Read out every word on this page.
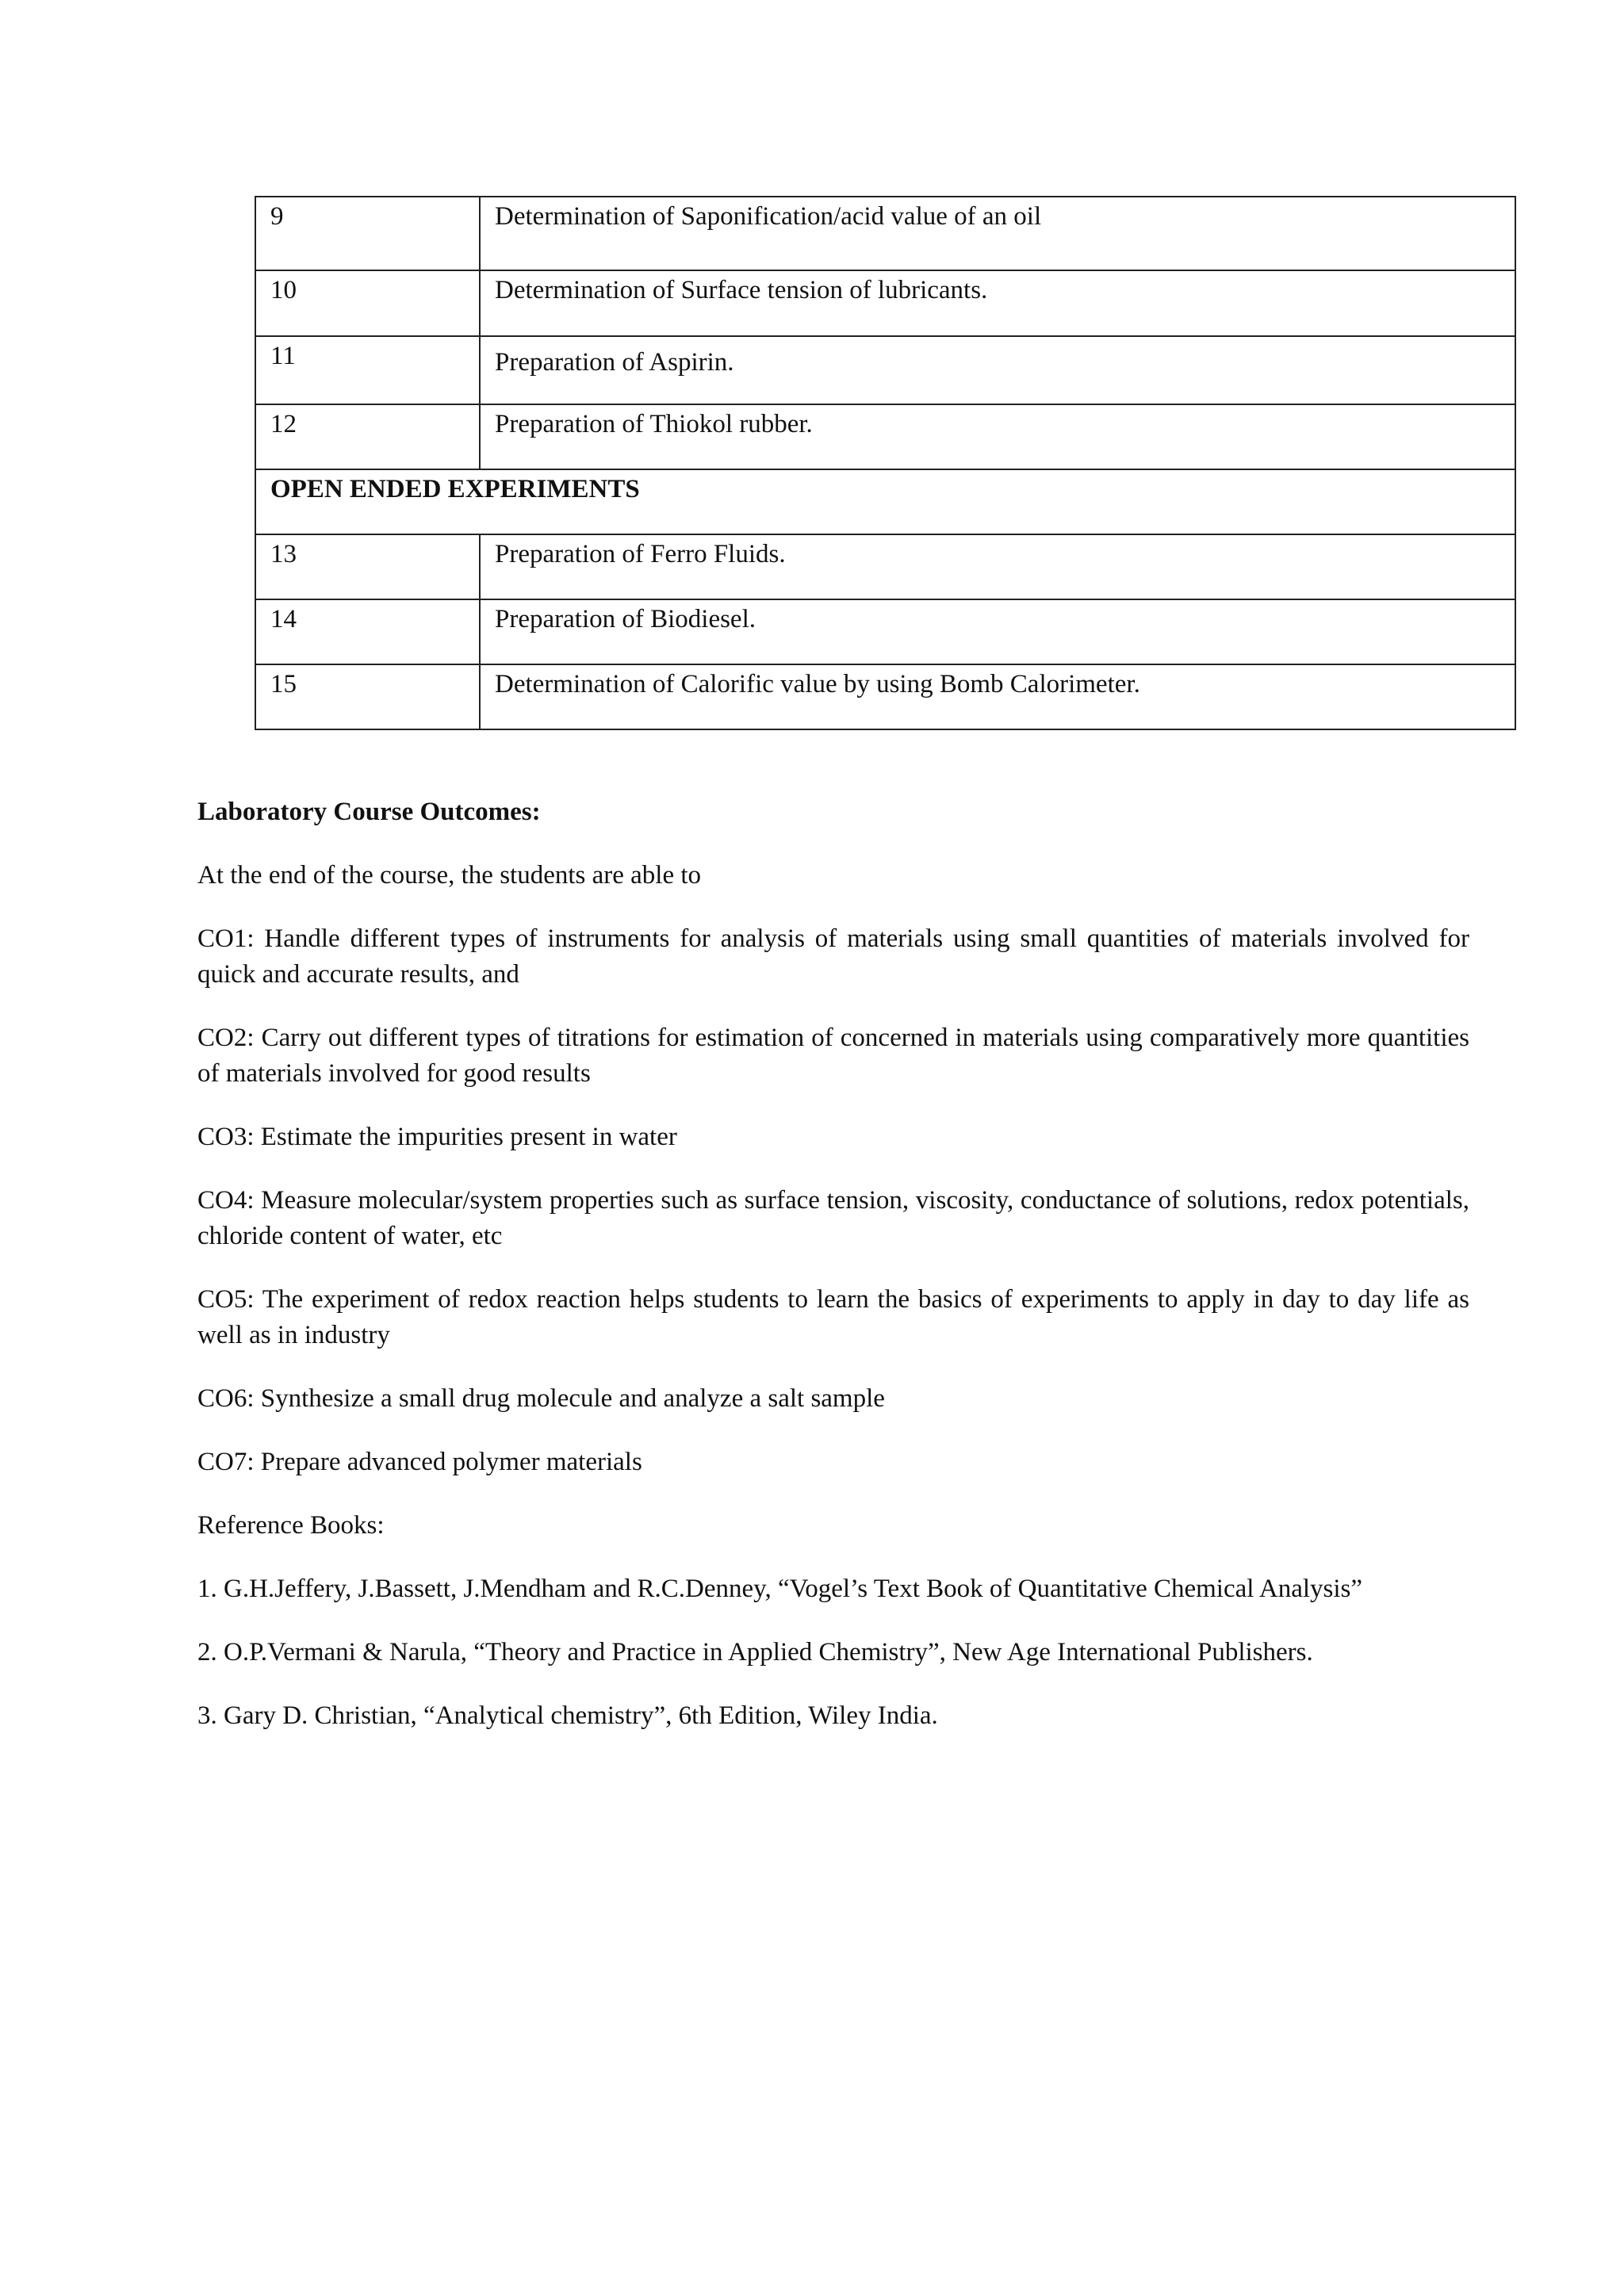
9	Determination of Saponification/acid value of an oil
10	Determination of Surface tension of lubricants.
11	Preparation of Aspirin.
12	Preparation of Thiokol rubber.
OPEN ENDED EXPERIMENTS	
13	Preparation of Ferro Fluids.
14	Preparation of Biodiesel.
15	Determination of Calorific value by using Bomb Calorimeter.

Laboratory Course Outcomes:

At the end of the course, the students are able to

CO1: Handle different types of instruments for analysis of materials using small quantities of materials involved for quick and accurate results, and

CO2: Carry out different types of titrations for estimation of concerned in materials using comparatively more quantities of materials involved for good results

CO3: Estimate the impurities present in water

CO4: Measure molecular/system properties such as surface tension, viscosity, conductance of solutions, redox potentials, chloride content of water, etc

CO5: The experiment of redox reaction helps students to learn the basics of experiments to apply in day to day life as well as in industry

CO6: Synthesize a small drug molecule and analyze a salt sample

CO7: Prepare advanced polymer materials

Reference Books:

1. G.H.Jeffery, J.Bassett, J.Mendham and R.C.Denney, “Vogel’s Text Book of Quantitative Chemical Analysis”

2. O.P.Vermani & Narula, “Theory and Practice in Applied Chemistry”, New Age International Publishers.

3. Gary D. Christian, “Analytical chemistry”, 6th Edition, Wiley India.
